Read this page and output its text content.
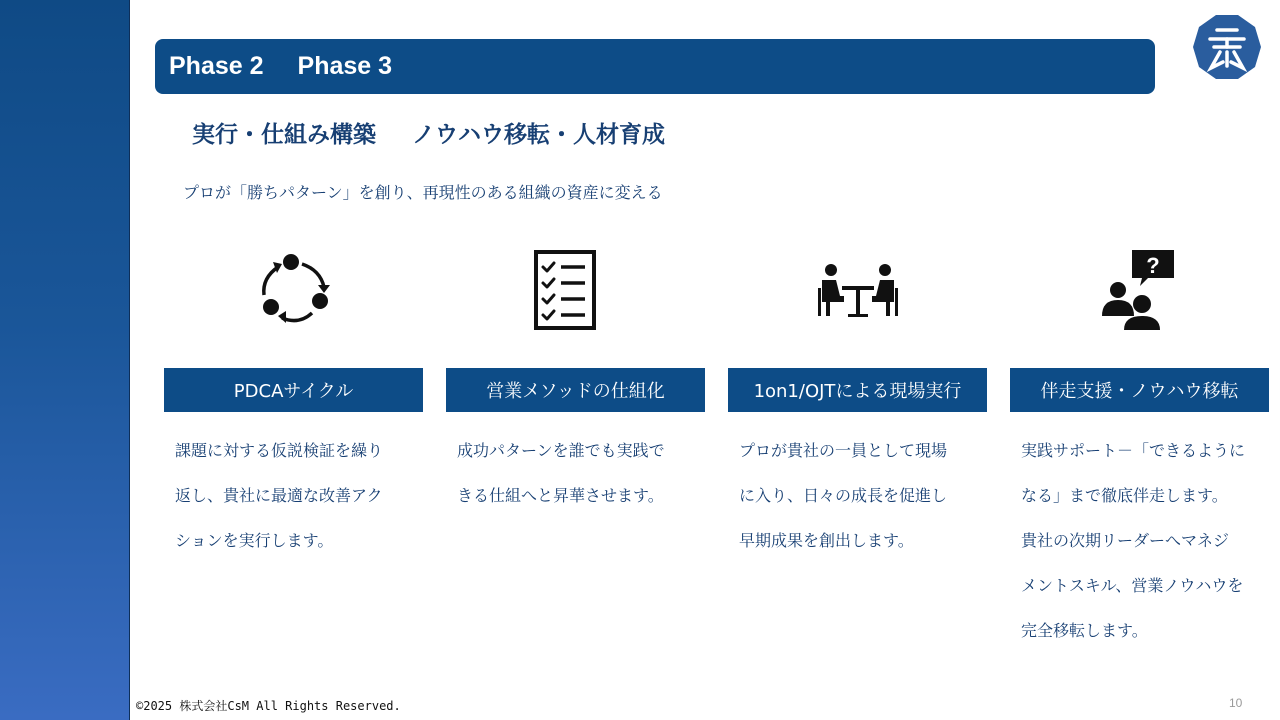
Phase 2 Phase 3
実行・仕組み構築 ノウハウ移転・人材育成
プロが「勝ちパターン」を創り、再現性のある組織の資産に変える
PDCAサイクル
課題に対する仮説検証を繰り
返し、貴社に最適な改善アク
ションを実行します。
営業メソッドの仕組化
成功パターンを誰でも実践で
きる仕組へと昇華させます。
1on1/OJTによる現場実行
プロが貴社の一員として現場
に入り、日々の成長を促進し
早期成果を創出します。
?
伴走支援・ノウハウ移転
実践サポート－「できるように
なる」まで徹底伴走します。
貴社の次期リーダーへマネジ
メントスキル、営業ノウハウを
完全移転します。
©2025 株式会社CsM All Rights Reserved.	10
